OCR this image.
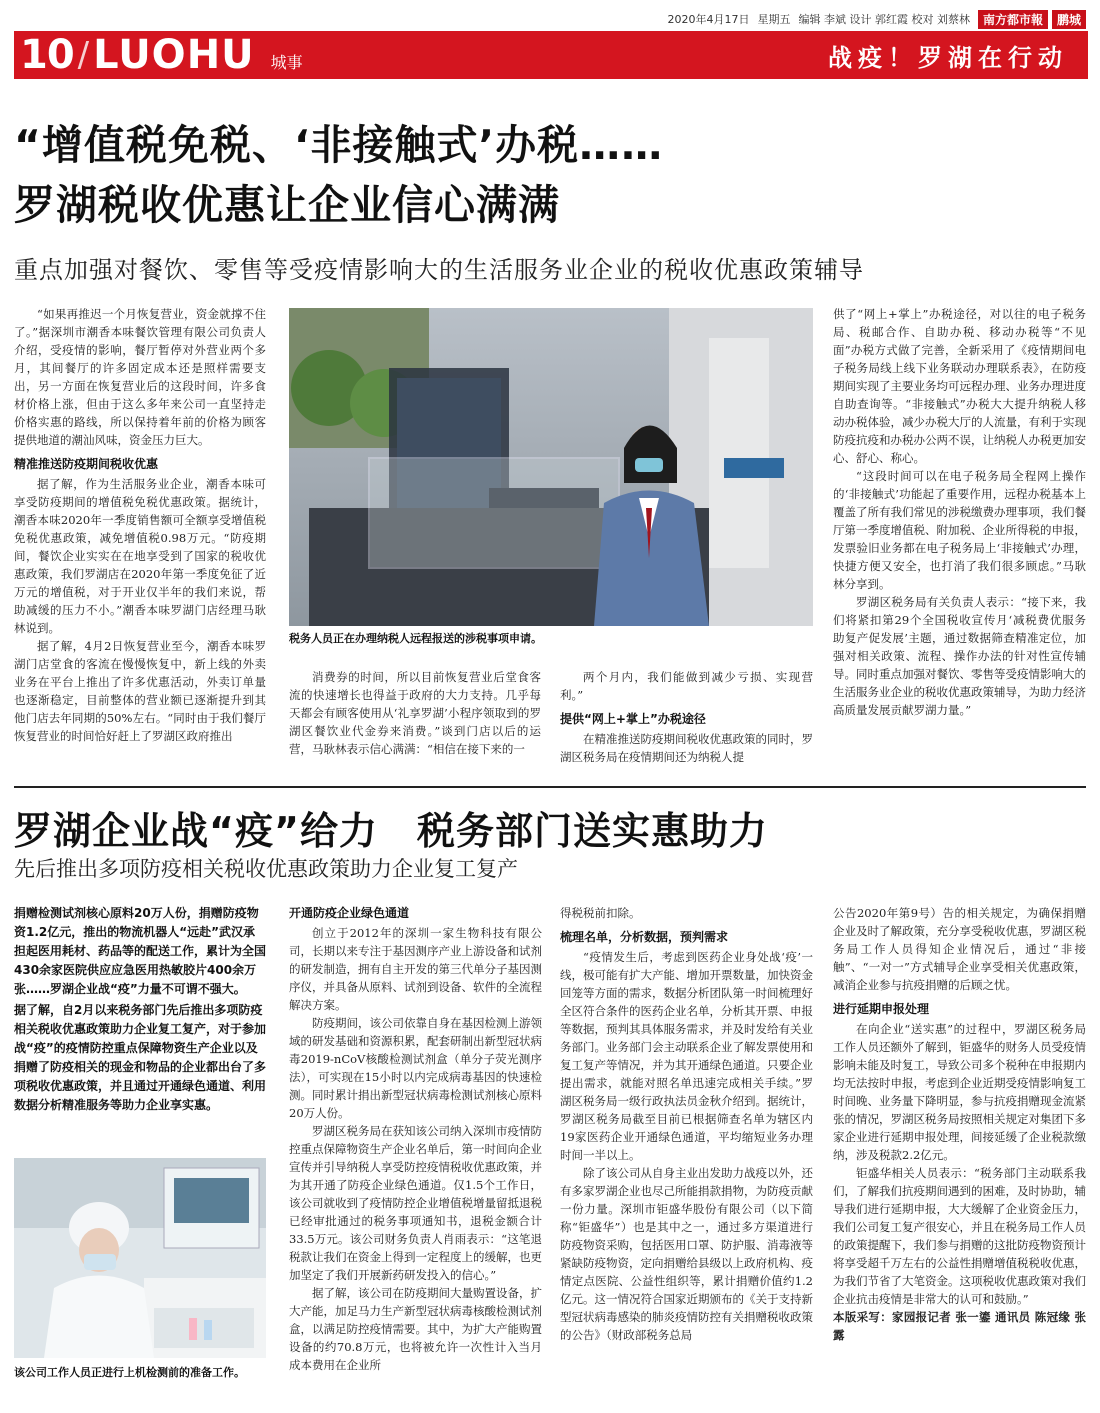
2020年4月17日 星期五 编辑 李斌 设计 郭红霞 校对 刘蔡林	南方都市報	鹏城
10 / LUOHU 城事	战疫！罗湖在行动
“增值税免税、‘非接触式’办税……
罗湖税收优惠让企业信心满满
重点加强对餐饮、零售等受疫情影响大的生活服务业企业的税收优惠政策辅导

“如果再推迟一个月恢复营业，资金就撑不住了。”据深圳市潮香本味餐饮管理有限公司负责人介绍，受疫情的影响，餐厅暂停对外营业两个多月，其间餐厅的许多固定成本还是照样需要支出，另一方面在恢复营业后的这段时间，许多食材价格上涨，但由于这么多年来公司一直坚持走价格实惠的路线，所以保持着年前的价格为顾客提供地道的潮汕风味，资金压力巨大。

精准推送防疫期间税收优惠

据了解，作为生活服务业企业，潮香本味可享受防疫期间的增值税免税优惠政策。据统计，潮香本味2020年一季度销售额可全额享受增值税免税优惠政策，减免增值税0.98万元。“防疫期间，餐饮企业实实在在地享受到了国家的税收优惠政策，我们罗湖店在2020年第一季度免征了近万元的增值税，对于开业仅半年的我们来说，帮助减缓的压力不小。”潮香本味罗湖门店经理马耿林说到。

据了解，4月2日恢复营业至今，潮香本味罗湖门店堂食的客流在慢慢恢复中，新上线的外卖业务在平台上推出了许多优惠活动，外卖订单量也逐渐稳定，目前整体的营业额已逐渐提升到其他门店去年同期的50%左右。“同时由于我们餐厅恢复营业的时间恰好赶上了罗湖区政府推出

税务人员正在办理纳税人远程报送的涉税事项申请。

消费券的时间，所以目前恢复营业后堂食客流的快速增长也得益于政府的大力支持。几乎每天都会有顾客使用从‘礼享罗湖’小程序领取到的罗湖区餐饮业代金券来消费。”谈到门店以后的运营，马耿林表示信心满满：“相信在接下来的一

两个月内，我们能做到减少亏损、实现营利。”

提供“网上+掌上”办税途径

在精准推送防疫期间税收优惠政策的同时，罗湖区税务局在疫情期间还为纳税人提

供了“网上+掌上”办税途径，对以往的电子税务局、税邮合作、自助办税、移动办税等“不见面”办税方式做了完善，全新采用了《疫情期间电子税务局线上线下业务联动办理联系表》，在防疫期间实现了主要业务均可远程办理、业务办理进度自助查询等。“非接触式”办税大大提升纳税人移动办税体验，减少办税大厅的人流量，有利于实现防疫抗疫和办税办公两不误，让纳税人办税更加安心、舒心、称心。

“这段时间可以在电子税务局全程网上操作的‘非接触式’功能起了重要作用，远程办税基本上覆盖了所有我们常见的涉税缴费办理事项，我们餐厅第一季度增值税、附加税、企业所得税的申报，发票验旧业务都在电子税务局上‘非接触式’办理，快捷方便又安全，也打消了我们很多顾虑。”马耿林分享到。

罗湖区税务局有关负责人表示：“接下来，我们将紧扣第29个全国税收宣传月‘减税费优服务　助复产促发展’主题，通过数据筛查精准定位，加强对相关政策、流程、操作办法的针对性宣传辅导。同时重点加强对餐饮、零售等受疫情影响大的生活服务业企业的税收优惠政策辅导，为助力经济高质量发展贡献罗湖力量。”

罗湖企业战“疫”给力　税务部门送实惠助力
先后推出多项防疫相关税收优惠政策助力企业复工复产

捐赠检测试剂核心原料20万人份，捐赠防疫物资1.2亿元，推出的物流机器人“远赴”武汉承担起医用耗材、药品等的配送工作，累计为全国430余家医院供应应急医用热敏胶片400余万张……罗湖企业战“疫”力量不可谓不强大。

据了解，自2月以来税务部门先后推出多项防疫相关税收优惠政策助力企业复工复产，对于参加战“疫”的疫情防控重点保障物资生产企业以及捐赠了防疫相关的现金和物品的企业都出台了多项税收优惠政策，并且通过开通绿色通道、利用数据分析精准服务等助力企业享实惠。

该公司工作人员正进行上机检测前的准备工作。
开通防疫企业绿色通道

创立于2012年的深圳一家生物科技有限公司，长期以来专注于基因测序产业上游设备和试剂的研发制造，拥有自主开发的第三代单分子基因测序仪，并具备从原料、试剂到设备、软件的全流程解决方案。

防疫期间，该公司依靠自身在基因检测上游领域的研发基础和资源积累，配套研制出新型冠状病毒2019-nCoV核酸检测试剂盒（单分子荧光测序法），可实现在15小时以内完成病毒基因的快速检测。同时累计捐出新型冠状病毒检测试剂核心原料20万人份。

罗湖区税务局在获知该公司纳入深圳市疫情防控重点保障物资生产企业名单后，第一时间向企业宣传并引导纳税人享受防控疫情税收优惠政策，并为其开通了防疫企业绿色通道。仅1.5个工作日，该公司就收到了疫情防控企业增值税增量留抵退税已经审批通过的税务事项通知书，退税金额合计33.5万元。该公司财务负责人肖雨表示：“这笔退税款让我们在资金上得到一定程度上的缓解，也更加坚定了我们开展新药研发投入的信心。”

据了解，该公司在防疫期间大量购置设备，扩大产能，加足马力生产新型冠状病毒核酸检测试剂盒，以满足防控疫情需要。其中，为扩大产能购置设备的约70.8万元，也将被允许一次性计入当月成本费用在企业所

得税税前扣除。

梳理名单，分析数据，预判需求

“疫情发生后，考虑到医药企业身处战‘疫’一线，极可能有扩大产能、增加开票数量，加快资金回笼等方面的需求，数据分析团队第一时间梳理好全区符合条件的医药企业名单，分析其开票、申报等数据，预判其具体服务需求，并及时发给有关业务部门。业务部门会主动联系企业了解发票使用和复工复产等情况，并为其开通绿色通道。只要企业提出需求，就能对照名单迅速完成相关手续。”罗湖区税务局一级行政执法员金秋介绍到。据统计，罗湖区税务局截至目前已根据筛查名单为辖区内19家医药企业开通绿色通道，平均缩短业务办理时间一半以上。

除了该公司从自身主业出发助力战疫以外，还有多家罗湖企业也尽己所能捐款捐物，为防疫贡献一份力量。深圳市钜盛华股份有限公司（以下简称“钜盛华”）也是其中之一，通过多方渠道进行防疫物资采购，包括医用口罩、防护服、消毒液等紧缺防疫物资，定向捐赠给县级以上政府机构、疫情定点医院、公益性组织等，累计捐赠价值约1.2亿元。这一情况符合国家近期颁布的《关于支持新型冠状病毒感染的肺炎疫情防控有关捐赠税收政策的公告》（财政部税务总局

公告2020年第9号）告的相关规定，为确保捐赠企业及时了解政策，充分享受税收优惠，罗湖区税务局工作人员得知企业情况后，通过“非接触”、“一对一”方式辅导企业享受相关优惠政策，减消企业参与抗疫捐赠的后顾之忧。

进行延期申报处理

在向企业“送实惠”的过程中，罗湖区税务局工作人员还额外了解到，钜盛华的财务人员受疫情影响未能及时复工，导致公司多个税种在申报期内均无法按时申报，考虑到企业近期受疫情影响复工时间晚、业务量下降明显，参与抗疫捐赠现金流紧张的情况，罗湖区税务局按照相关规定对集团下多家企业进行延期申报处理，间接延缓了企业税款缴纳，涉及税款2.2亿元。

钜盛华相关人员表示：“税务部门主动联系我们，了解我们抗疫期间遇到的困难，及时协助，辅导我们进行延期申报，大大缓解了企业资金压力，我们公司复工复产很安心，并且在税务局工作人员的政策提醒下，我们参与捐赠的这批防疫物资预计将享受超千万左右的公益性捐赠增值税税收优惠，为我们节省了大笔资金。这项税收优惠政策对我们企业抗击疫情是非常大的认可和鼓励。”

本版采写：家园报记者 张一鎏 通讯员 陈冠缘 张露
